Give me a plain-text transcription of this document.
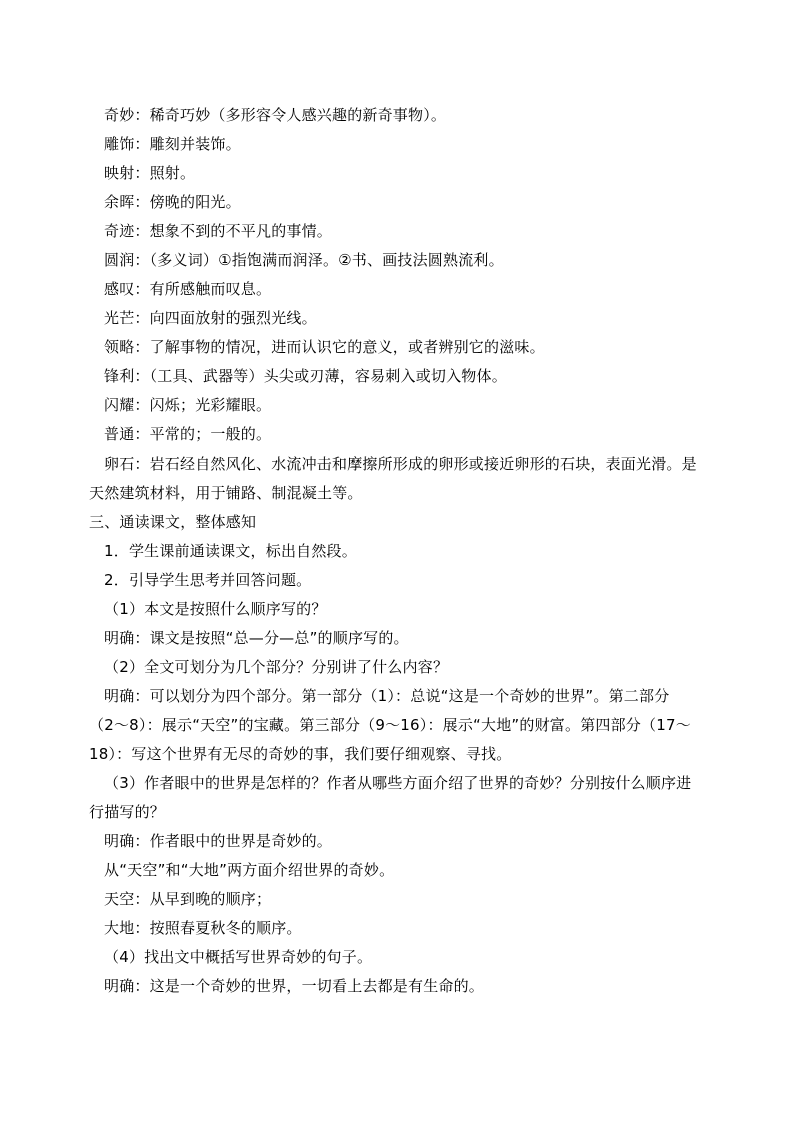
奇妙：稀奇巧妙（多形容令人感兴趣的新奇事物）。
雕饰：雕刻并装饰。
映射：照射。
余晖：傍晚的阳光。
奇迹：想象不到的不平凡的事情。
圆润：（多义词）①指饱满而润泽。②书、画技法圆熟流利。
感叹：有所感触而叹息。
光芒：向四面放射的强烈光线。
领略：了解事物的情况，进而认识它的意义，或者辨别它的滋味。
锋利：（工具、武器等）头尖或刃薄，容易刺入或切入物体。
闪耀：闪烁；光彩耀眼。
普通：平常的；一般的。
卵石：岩石经自然风化、水流冲击和摩擦所形成的卵形或接近卵形的石块，表面光滑。是
天然建筑材料，用于铺路、制混凝土等。
三、通读课文，整体感知
1．学生课前通读课文，标出自然段。
2．引导学生思考并回答问题。
（1）本文是按照什么顺序写的？
明确：课文是按照“总—分—总”的顺序写的。
（2）全文可划分为几个部分？分别讲了什么内容？
明确：可以划分为四个部分。第一部分（1）：总说“这是一个奇妙的世界”。第二部分
（2～8）：展示“天空”的宝藏。第三部分（9～16）：展示“大地”的财富。第四部分（17～
18）：写这个世界有无尽的奇妙的事，我们要仔细观察、寻找。
（3）作者眼中的世界是怎样的？作者从哪些方面介绍了世界的奇妙？分别按什么顺序进
行描写的？
明确：作者眼中的世界是奇妙的。
从“天空”和“大地”两方面介绍世界的奇妙。
天空：从早到晚的顺序；
大地：按照春夏秋冬的顺序。
（4）找出文中概括写世界奇妙的句子。
明确：这是一个奇妙的世界，一切看上去都是有生命的。
